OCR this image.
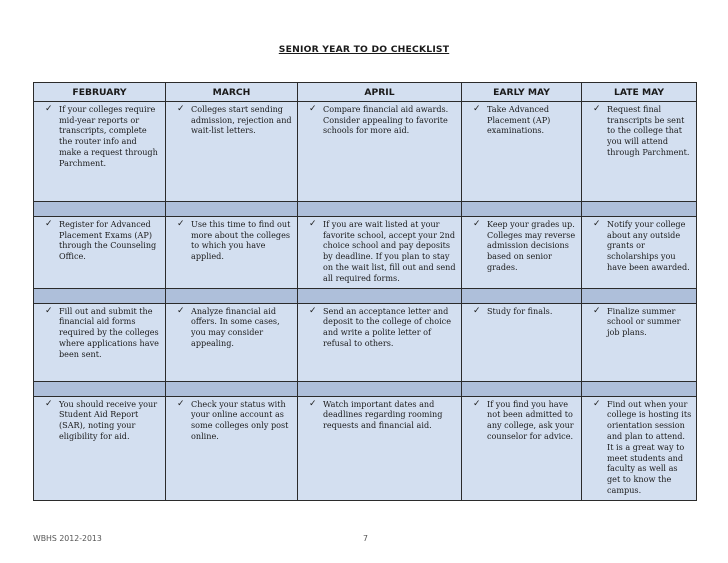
SENIOR YEAR TO DO CHECKLIST
FEBRUARY	MARCH	APRIL	EARLY MAY	LATE MAY

✓ If your colleges require mid-year reports or transcripts, complete the router info and make a request through Parchment.	✓ Colleges start sending admission, rejection and wait-list letters.	✓ Compare financial aid awards. Consider appealing to favorite schools for more aid.	✓ Take Advanced Placement (AP) examinations.	✓ Request final transcripts be sent to the college that you will attend through Parchment.

✓ Register for Advanced Placement Exams (AP) through the Counseling Office.	✓ Use this time to find out more about the colleges to which you have applied.	✓ If you are wait listed at your favorite school, accept your 2nd choice school and pay deposits by deadline. If you plan to stay on the wait list, fill out and send all required forms.	✓ Keep your grades up. Colleges may reverse admission decisions based on senior grades.	✓ Notify your college about any outside grants or scholarships you have been awarded.

✓ Fill out and submit the financial aid forms required by the colleges where applications have been sent.	✓ Analyze financial aid offers. In some cases, you may consider appealing.	✓ Send an acceptance letter and deposit to the college of choice and write a polite letter of refusal to others.	✓ Study for finals.	✓ Finalize summer school or summer job plans.

✓ You should receive your Student Aid Report (SAR), noting your eligibility for aid.	✓ Check your status with your online account as some colleges only post online.	✓ Watch important dates and deadlines regarding rooming requests and financial aid.	✓ If you find you have not been admitted to any college, ask your counselor for advice.	✓ Find out when your college is hosting its orientation session and plan to attend. It is a great way to meet students and faculty as well as get to know the campus.
WBHS 2012-2013	7
